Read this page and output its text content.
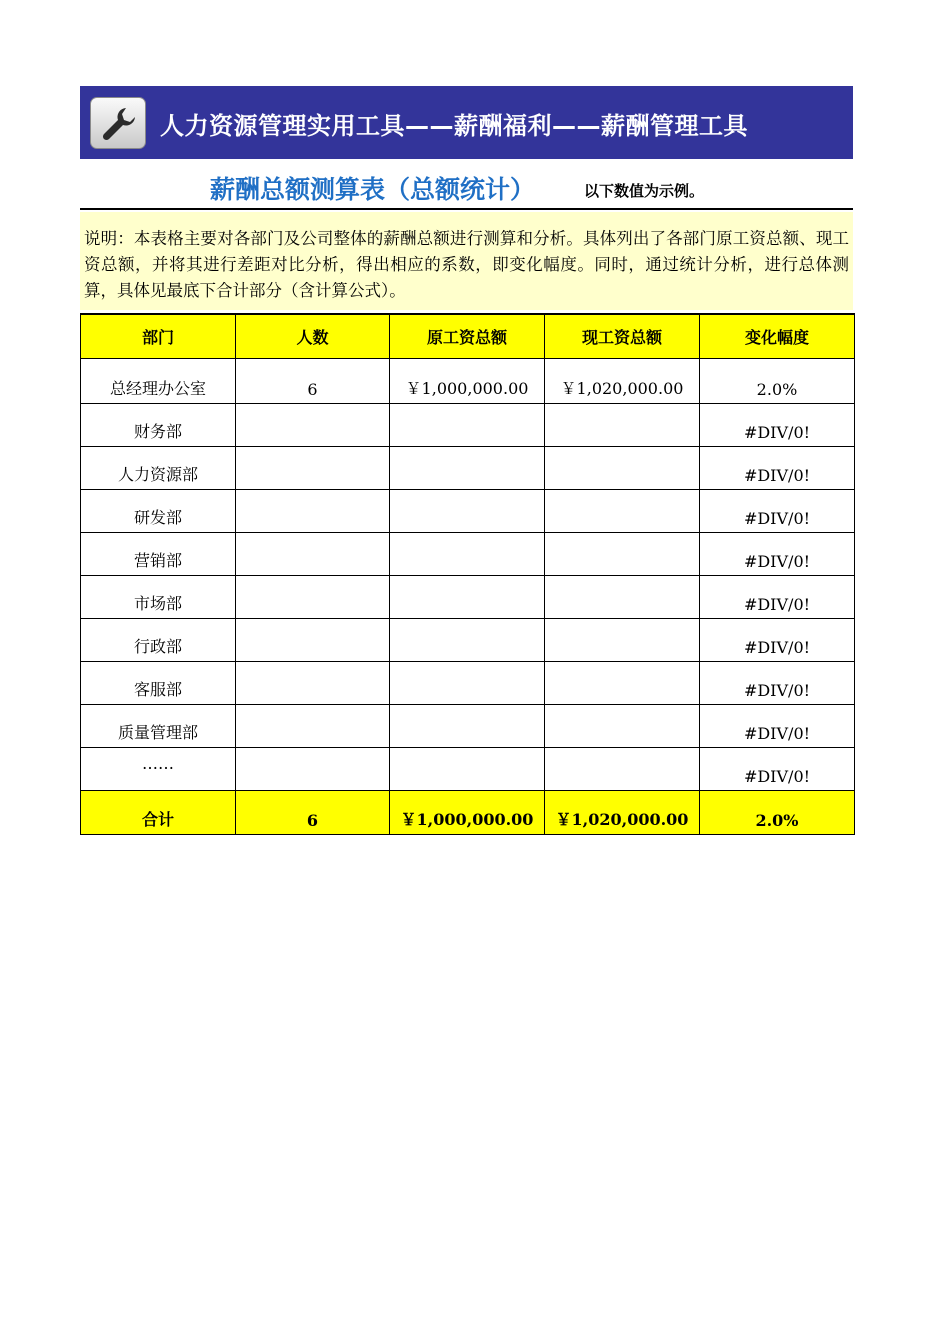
人力资源管理实用工具——薪酬福利——薪酬管理工具
薪酬总额测算表（总额统计）	以下数值为示例。
说明：本表格主要对各部门及公司整体的薪酬总额进行测算和分析。具体列出了各部门原工资总额、现工资总额，并将其进行差距对比分析，得出相应的系数，即变化幅度。同时，通过统计分析，进行总体测算，具体见最底下合计部分（含计算公式）。
部门	人数	原工资总额	现工资总额	变化幅度
总经理办公室	6	￥1,000,000.00	￥1,020,000.00	2.0%
财务部				#DIV/0!
人力资源部				#DIV/0!
研发部				#DIV/0!
营销部				#DIV/0!
市场部				#DIV/0!
行政部				#DIV/0!
客服部				#DIV/0!
质量管理部				#DIV/0!
……				#DIV/0!
合计	6	￥1,000,000.00	￥1,020,000.00	2.0%
